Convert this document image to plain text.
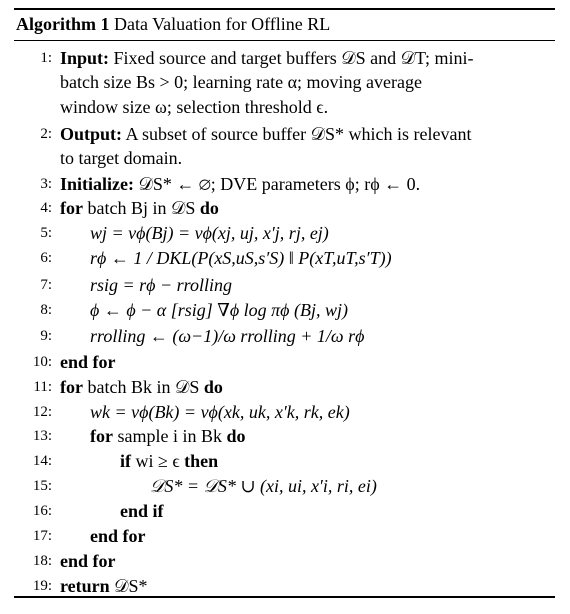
Algorithm 1 Data Valuation for Offline RL
1: Input: Fixed source and target buffers 𝒟S and 𝒟T; mini-
batch size Bs > 0; learning rate α; moving average
window size ω; selection threshold ϵ.
2: Output: A subset of source buffer 𝒟S* which is relevant
to target domain.
3: Initialize: 𝒟S* ← ∅; DVE parameters ϕ; rϕ ← 0.
4: for batch Bj in 𝒟S do
5: wj = vϕ(Bj) = vϕ(xj, uj, x′j, rj, ej)
6: rϕ ← 1 / DKL(P(xS,uS,s′S) ‖ P(xT,uT,s′T))
7: rsig = rϕ − rrolling
8: ϕ ← ϕ − α [rsig] ∇ϕ log πϕ (Bj, wj)
9: rrolling ← (ω−1)/ω rrolling + 1/ω rϕ
10: end for
11: for batch Bk in 𝒟S do
12: wk = vϕ(Bk) = vϕ(xk, uk, x′k, rk, ek)
13: for sample i in Bk do
14:	if wi ≥ ϵ then
15:	𝒟S* = 𝒟S* ∪ (xi, ui, x′i, ri, ei)
16:	end if
17: end for
18: end for
19: return 𝒟S*
